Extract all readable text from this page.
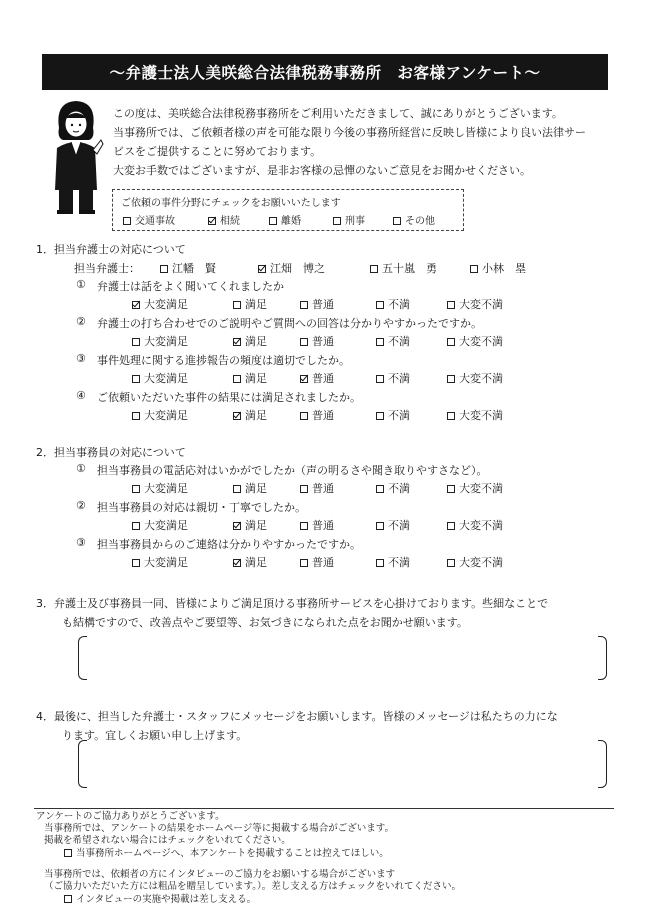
～弁護士法人美咲総合法律税務事務所　お客様アンケート～
この度は、美咲総合法律税務事務所をご利用いただきまして、誠にありがとうございます。
当事務所では、ご依頼者様の声を可能な限り今後の事務所経営に反映し皆様により良い法律サー
ビスをご提供することに努めております。
大変お手数ではございますが、是非お客様の忌憚のないご意見をお聞かせください。
ご依頼の事件分野にチェックをお願いいたします
交通事故	相続	離婚	刑事	その他
1．担当弁護士の対応について
担当弁護士：	江幡　賢	江畑　博之	五十嵐　勇	小林　塁
① 弁護士は話をよく聞いてくれましたか
大変満足	満足	普通	不満	大変不満
② 弁護士の打ち合わせでのご説明やご質問への回答は分かりやすかったですか。
大変満足	満足	普通	不満	大変不満
③ 事件処理に関する進捗報告の頻度は適切でしたか。
大変満足	満足	普通	不満	大変不満
④ ご依頼いただいた事件の結果には満足されましたか。
大変満足	満足	普通	不満	大変不満
2．担当事務員の対応について
① 担当事務員の電話応対はいかがでしたか（声の明るさや聞き取りやすさなど）。
大変満足	満足	普通	不満	大変不満
② 担当事務員の対応は親切・丁寧でしたか。
大変満足	満足	普通	不満	大変不満
③ 担当事務員からのご連絡は分かりやすかったですか。
大変満足	満足	普通	不満	大変不満
3．弁護士及び事務員一同、皆様によりご満足頂ける事務所サービスを心掛けております。些細なことで
も結構ですので、改善点やご要望等、お気づきになられた点をお聞かせ願います。
4．最後に、担当した弁護士・スタッフにメッセージをお願いします。皆様のメッセージは私たちの力にな
ります。宜しくお願い申し上げます。
アンケートのご協力ありがとうございます。
当事務所では、アンケートの結果をホームページ等に掲載する場合がございます。
掲載を希望されない場合にはチェックをいれてください。
当事務所ホームページへ、本アンケートを掲載することは控えてほしい。
当事務所では、依頼者の方にインタビューのご協力をお願いする場合がございます
（ご協力いただいた方には粗品を贈呈しています。）。差し支える方はチェックをいれてください。
インタビューの実施や掲載は差し支える。
